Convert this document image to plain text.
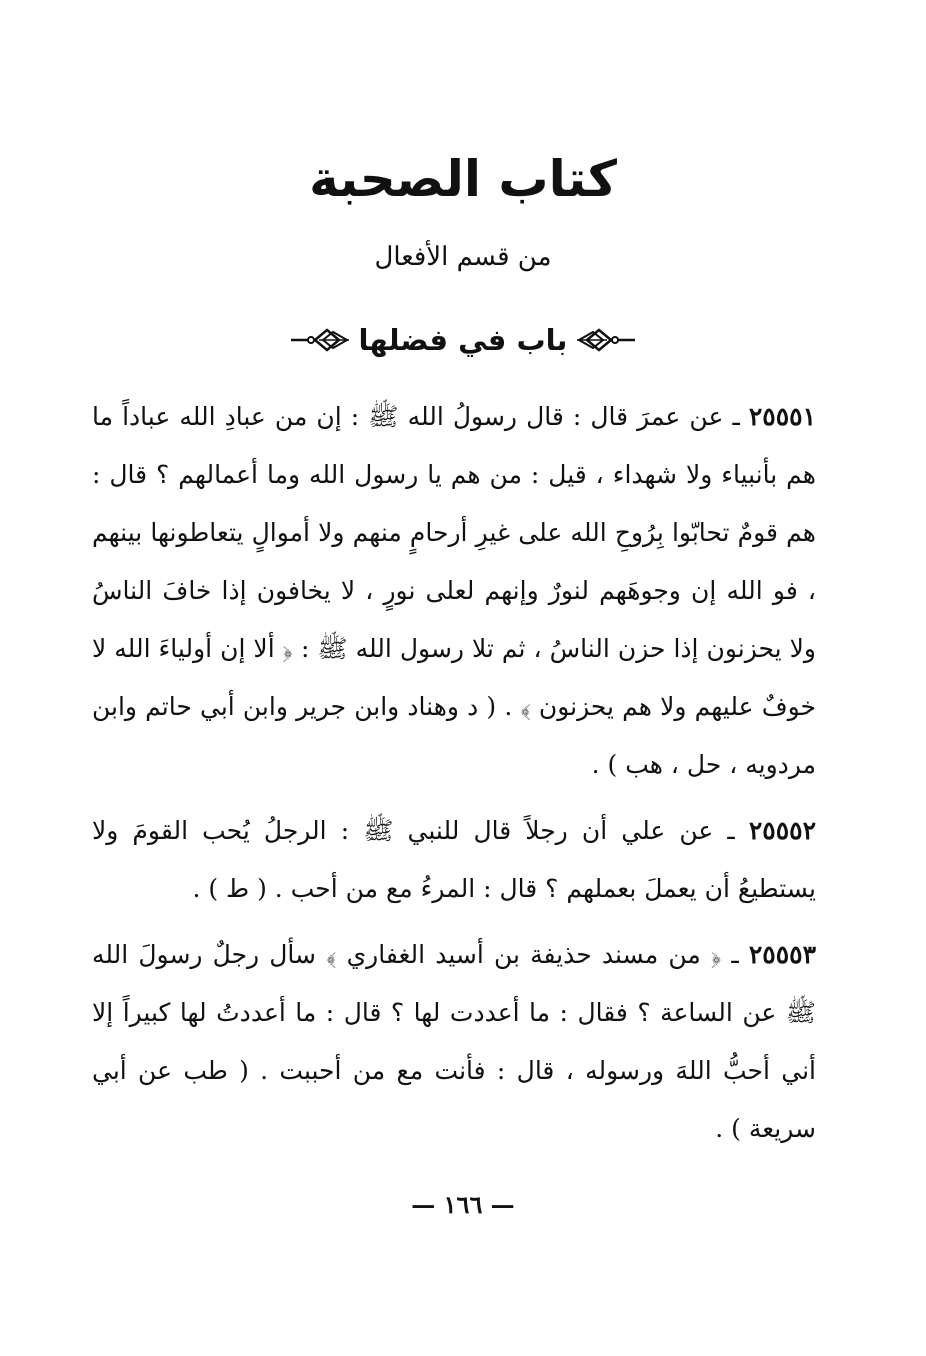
كتاب الصحبة
من قسم الأفعال
باب في فضلها

٢٥٥٥١ ـ عن عمرَ قال : قال رسولُ الله ﷺ : إن من عبادِ الله عباداً ما هم بأنبياء ولا شهداء ، قيل : من هم يا رسول الله وما أعمالهم ؟ قال : هم قومٌ تحابّوا بِرُوحِ الله على غيرِ أرحامٍ منهم ولا أموالٍ يتعاطونها بينهم ، فو الله إن وجوهَهم لنورٌ وإنهم لعلى نورٍ ، لا يخافون إذا خافَ الناسُ ولا يحزنون إذا حزن الناسُ ، ثم تلا رسول الله ﷺ : ﴿ ألا إن أولياءَ الله لا خوفٌ عليهم ولا هم يحزنون ﴾ . ( د وهناد وابن جرير وابن أبي حاتم وابن مردويه ، حل ، هب ) .

٢٥٥٥٢ ـ عن علي أن رجلاً قال للنبي ﷺ : الرجلُ يُحب القومَ ولا يستطيعُ أن يعملَ بعملهم ؟ قال : المرءُ مع من أحب . ( ط ) .

٢٥٥٥٣ ـ ﴿ من مسند حذيفة بن أسيد الغفاري ﴾ سأل رجلٌ رسولَ الله ﷺ عن الساعة ؟ فقال : ما أعددت لها ؟ قال : ما أعددتُ لها كبيراً إلا أني أحبُّ اللهَ ورسوله ، قال : فأنت مع من أحببت . ( طب عن أبي سريعة ) .

— ١٦٦ —
